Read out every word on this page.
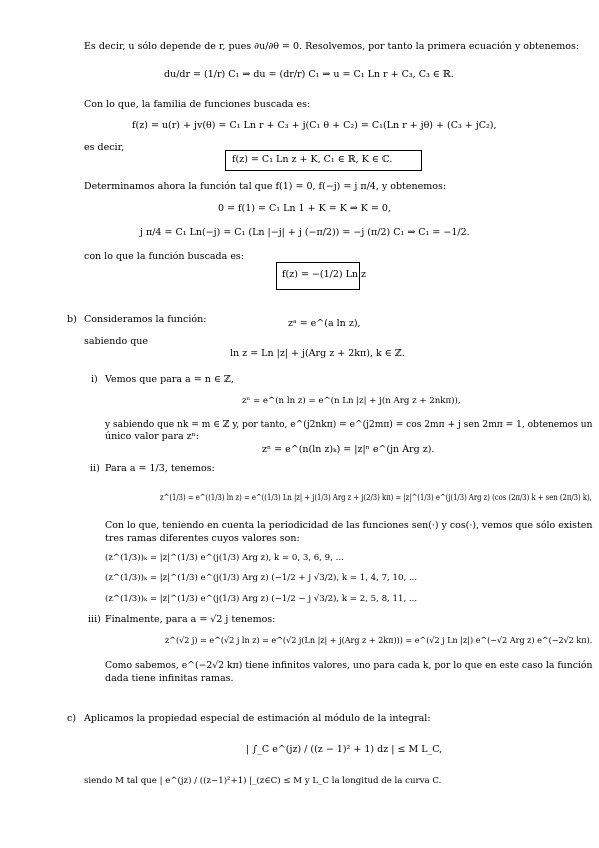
Es decir, u sólo depende de r, pues ∂u/∂θ = 0. Resolvemos, por tanto la primera ecuación y obtenemos:
du/dr = (1/r) C₁ ⇒ du = (dr/r) C₁ ⇒ u = C₁ Ln r + C₃, C₃ ∈ ℝ.
Con lo que, la familia de funciones buscada es:
f(z) = u(r) + jv(θ) = C₁ Ln r + C₃ + j(C₁ θ + C₂) = C₁(Ln r + jθ) + (C₃ + jC₂),
es decir,
f(z) = C₁ Ln z + K, C₁ ∈ ℝ, K ∈ ℂ.
Determinamos ahora la función tal que f(1) = 0, f(−j) = j π/4, y obtenemos:
0 = f(1) = C₁ Ln 1 + K = K ⇒ K = 0,
j π/4 = C₁ Ln(−j) = C₁ (Ln |−j| + j (−π/2)) = −j (π/2) C₁ ⇒ C₁ = −1/2.
con lo que la función buscada es:
f(z) = −(1/2) Ln z
b) Consideramos la función:	zᵃ = e^(a ln z),
sabiendo que
ln z = Ln |z| + j(Arg z + 2kπ), k ∈ ℤ.
i) Vemos que para a = n ∈ ℤ,
zⁿ = e^(n ln z) = e^(n Ln |z| + j(n Arg z + 2nkπ)),
y sabiendo que nk = m ∈ ℤ y, por tanto, e^(j2nkπ) = e^(j2mπ) = cos 2mπ + j sen 2mπ = 1, obtenemos un
único valor para zⁿ:
zⁿ = e^(n(ln z)ₖ) = |z|ⁿ e^(jn Arg z).
ii) Para a = 1/3, tenemos:
z^(1/3) = e^((1/3) ln z) = e^((1/3) Ln |z| + j(1/3) Arg z + j(2/3) kπ) = |z|^(1/3) e^(j(1/3) Arg z) (cos (2π/3) k + sen (2π/3) k),
Con lo que, teniendo en cuenta la periodicidad de las funciones sen(·) y cos(·), vemos que sólo existen
tres ramas diferentes cuyos valores son:
(z^(1/3))ₖ = |z|^(1/3) e^(j(1/3) Arg z), k = 0, 3, 6, 9, ...
(z^(1/3))ₖ = |z|^(1/3) e^(j(1/3) Arg z) (−1/2 + j √3/2), k = 1, 4, 7, 10, ...
(z^(1/3))ₖ = |z|^(1/3) e^(j(1/3) Arg z) (−1/2 − j √3/2), k = 2, 5, 8, 11, ...
iii) Finalmente, para a = √2 j tenemos:
z^(√2 j) = e^(√2 j ln z) = e^(√2 j(Ln |z| + j(Arg z + 2kπ))) = e^(√2 j Ln |z|) e^(−√2 Arg z) e^(−2√2 kπ).
Como sabemos, e^(−2√2 kπ) tiene infinitos valores, uno para cada k, por lo que en este caso la función
dada tiene infinitas ramas.
c) Aplicamos la propiedad especial de estimación al módulo de la integral:
| ∫_C e^(jz) / ((z − 1)² + 1) dz | ≤ M L_C,
siendo M tal que | e^(jz) / ((z−1)²+1) |_(z∈C) ≤ M y L_C la longitud de la curva C.
